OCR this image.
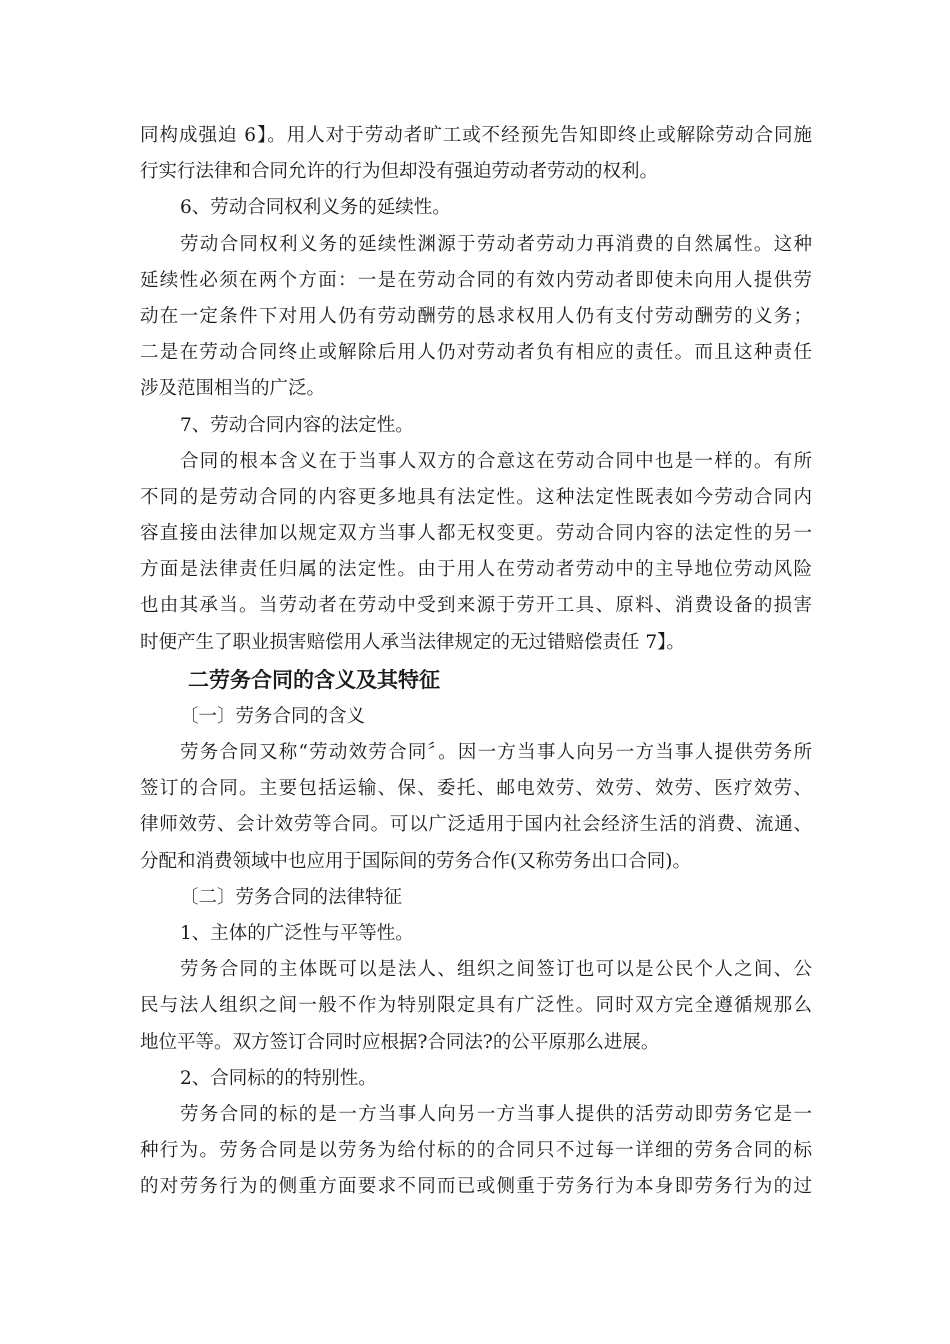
同构成强迫 6】。用人对于劳动者旷工或不经预先告知即终止或解除劳动合同施
行实行法律和合同允许的行为但却没有强迫劳动者劳动的权利。
6、劳动合同权利义务的延续性。
劳动合同权利义务的延续性渊源于劳动者劳动力再消费的自然属性。这种
延续性必须在两个方面：一是在劳动合同的有效内劳动者即使未向用人提供劳
动在一定条件下对用人仍有劳动酬劳的恳求权用人仍有支付劳动酬劳的义务；
二是在劳动合同终止或解除后用人仍对劳动者负有相应的责任。而且这种责任
涉及范围相当的广泛。
7、劳动合同内容的法定性。
合同的根本含义在于当事人双方的合意这在劳动合同中也是一样的。有所
不同的是劳动合同的内容更多地具有法定性。这种法定性既表如今劳动合同内
容直接由法律加以规定双方当事人都无权变更。劳动合同内容的法定性的另一
方面是法律责任归属的法定性。由于用人在劳动者劳动中的主导地位劳动风险
也由其承当。当劳动者在劳动中受到来源于劳开工具、原料、消费设备的损害
时便产生了职业损害赔偿用人承当法律规定的无过错赔偿责任 7】。
二劳务合同的含义及其特征
〔一〕劳务合同的含义
劳务合同又称“劳动效劳合同〞。因一方当事人向另一方当事人提供劳务所
签订的合同。主要包括运输、保、委托、邮电效劳、效劳、效劳、医疗效劳、
律师效劳、会计效劳等合同。可以广泛适用于国内社会经济生活的消费、流通、
分配和消费领域中也应用于国际间的劳务合作(又称劳务出口合同)。
〔二〕劳务合同的法律特征
1、主体的广泛性与平等性。
劳务合同的主体既可以是法人、组织之间签订也可以是公民个人之间、公
民与法人组织之间一般不作为特别限定具有广泛性。同时双方完全遵循规那么
地位平等。双方签订合同时应根据?合同法?的公平原那么进展。
2、合同标的的特别性。
劳务合同的标的是一方当事人向另一方当事人提供的活劳动即劳务它是一
种行为。劳务合同是以劳务为给付标的的合同只不过每一详细的劳务合同的标
的对劳务行为的侧重方面要求不同而已或侧重于劳务行为本身即劳务行为的过
